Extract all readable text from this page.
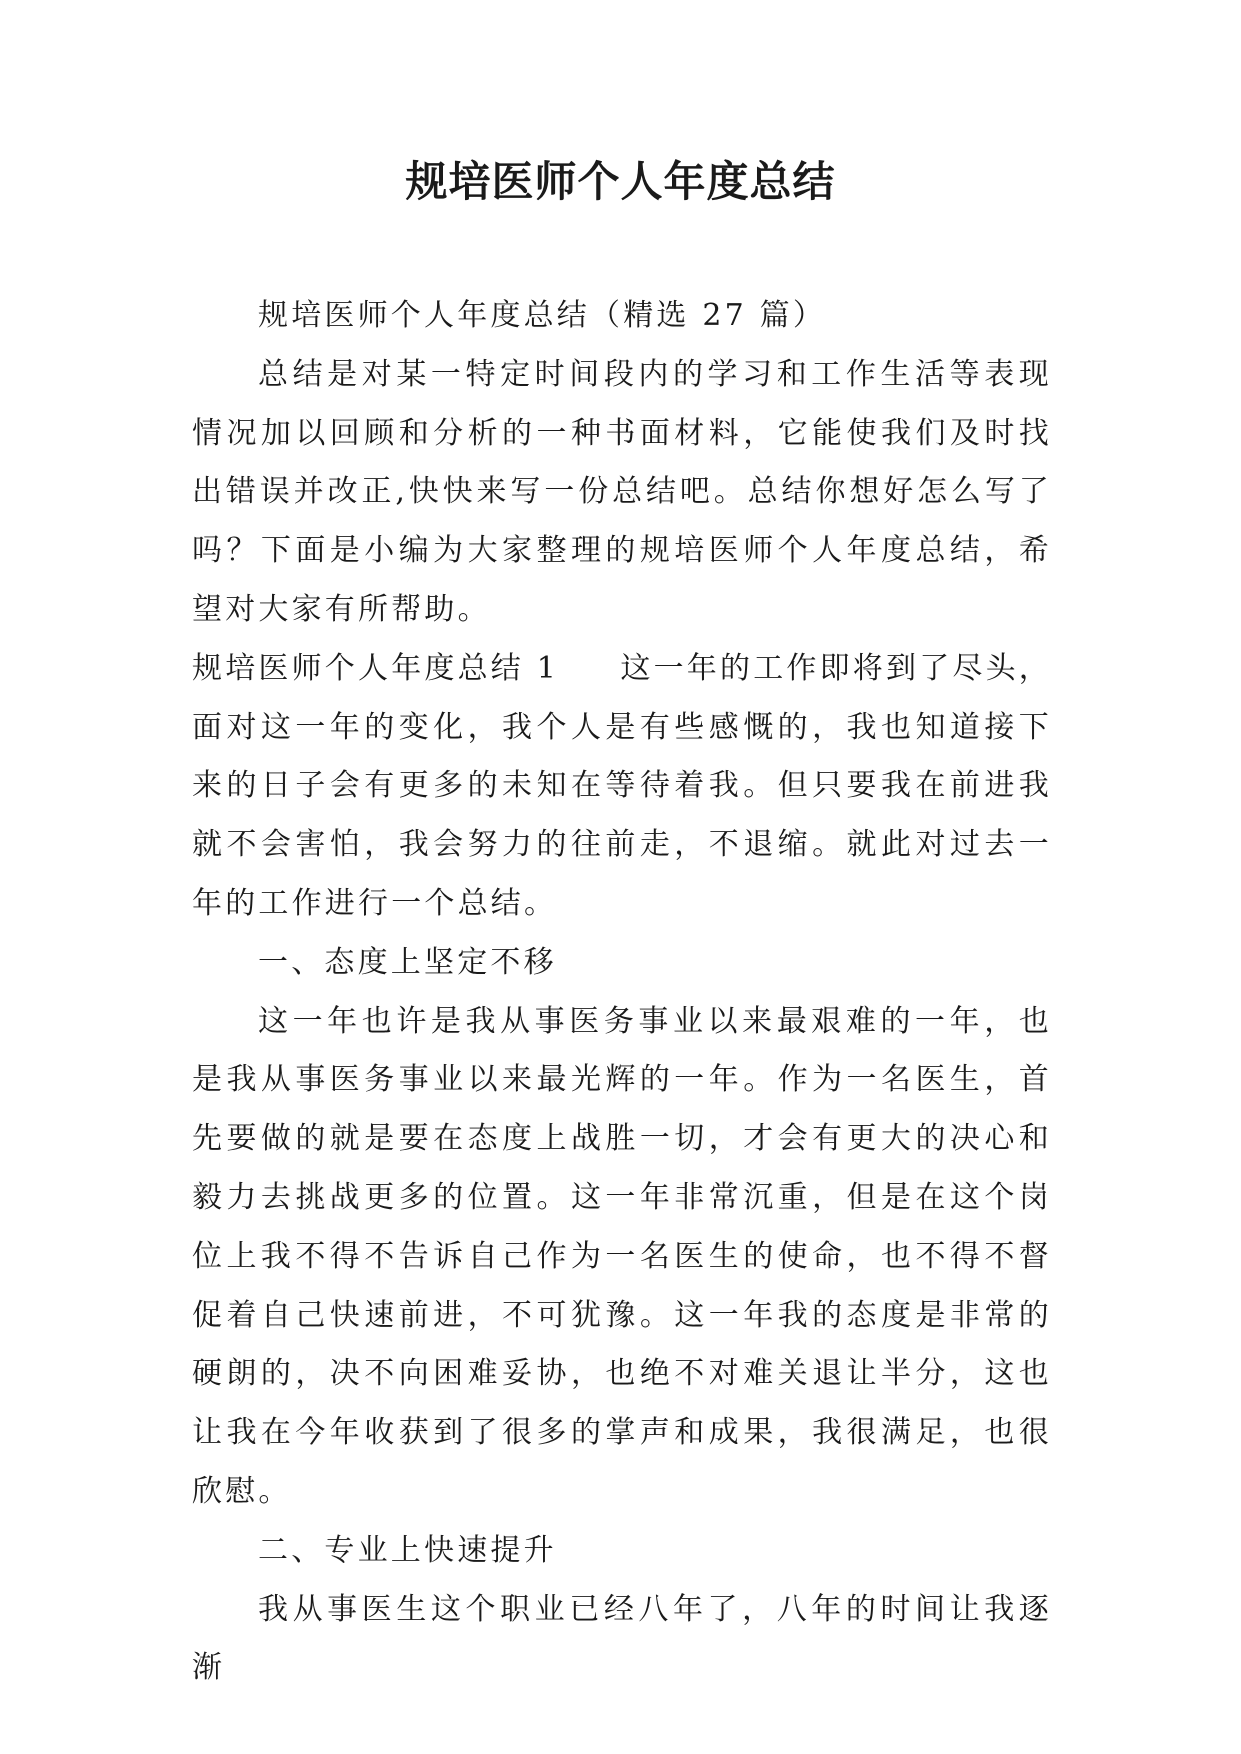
规培医师个人年度总结

规培医师个人年度总结（精选 27 篇）

总结是对某一特定时间段内的学习和工作生活等表现情况加以回顾和分析的一种书面材料，它能使我们及时找出错误并改正,快快来写一份总结吧。总结你想好怎么写了吗？下面是小编为大家整理的规培医师个人年度总结，希望对大家有所帮助。

规培医师个人年度总结 1 这一年的工作即将到了尽头，

面对这一年的变化，我个人是有些感慨的，我也知道接下来的日子会有更多的未知在等待着我。但只要我在前进我就不会害怕，我会努力的往前走，不退缩。就此对过去一年的工作进行一个总结。

一、态度上坚定不移

这一年也许是我从事医务事业以来最艰难的一年，也是我从事医务事业以来最光辉的一年。作为一名医生，首先要做的就是要在态度上战胜一切，才会有更大的决心和毅力去挑战更多的位置。这一年非常沉重，但是在这个岗位上我不得不告诉自己作为一名医生的使命，也不得不督促着自己快速前进，不可犹豫。这一年我的态度是非常的硬朗的，决不向困难妥协，也绝不对难关退让半分，这也让我在今年收获到了很多的掌声和成果，我很满足，也很欣慰。

二、专业上快速提升

我从事医生这个职业已经八年了，八年的时间让我逐渐
